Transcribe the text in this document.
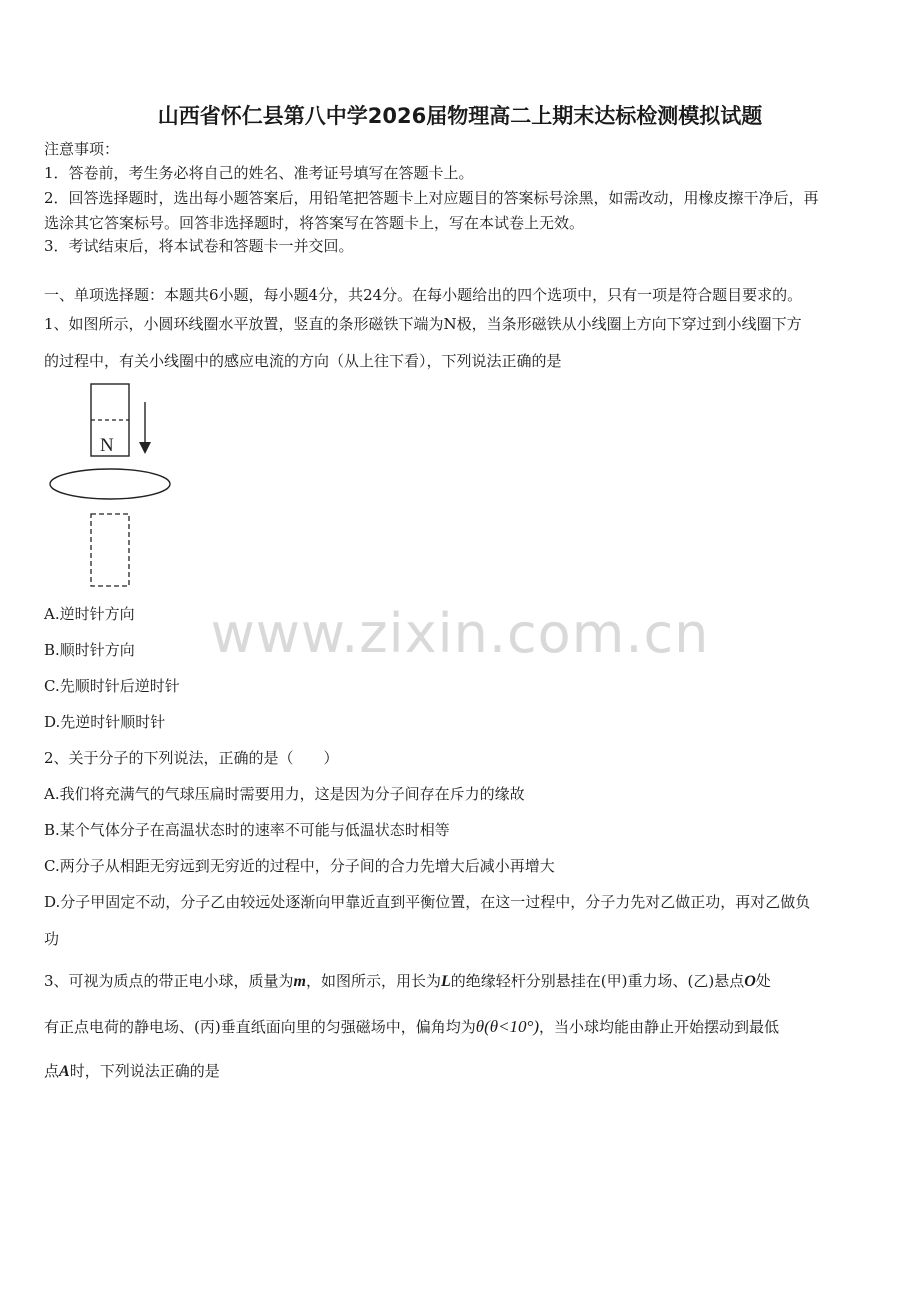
山西省怀仁县第八中学2026届物理高二上期末达标检测模拟试题
注意事项：
1．答卷前，考生务必将自己的姓名、准考证号填写在答题卡上。
2．回答选择题时，选出每小题答案后，用铅笔把答题卡上对应题目的答案标号涂黑，如需改动，用橡皮擦干净后，再
选涂其它答案标号。回答非选择题时，将答案写在答题卡上，写在本试卷上无效。
3．考试结束后，将本试卷和答题卡一并交回。
一、单项选择题：本题共6小题，每小题4分，共24分。在每小题给出的四个选项中，只有一项是符合题目要求的。
1、如图所示，小圆环线圈水平放置，竖直的条形磁铁下端为N极，当条形磁铁从小线圈上方向下穿过到小线圈下方
的过程中，有关小线圈中的感应电流的方向（从上往下看），下列说法正确的是
N
A.逆时针方向
B.顺时针方向
C.先顺时针后逆时针
D.先逆时针顺时针
www.zixin.com.cn
2、关于分子的下列说法，正确的是（　　）
A.我们将充满气的气球压扁时需要用力，这是因为分子间存在斥力的缘故
B.某个气体分子在高温状态时的速率不可能与低温状态时相等
C.两分子从相距无穷远到无穷近的过程中，分子间的合力先增大后减小再增大
D.分子甲固定不动，分子乙由较远处逐渐向甲靠近直到平衡位置，在这一过程中，分子力先对乙做正功，再对乙做负
功
3、可视为质点的带正电小球，质量为m，如图所示，用长为L的绝缘轻杆分别悬挂在(甲)重力场、(乙)悬点O处
有正点电荷的静电场、(丙)垂直纸面向里的匀强磁场中，偏角均为θ(θ<10°)，当小球均能由静止开始摆动到最低
点A时，下列说法正确的是
